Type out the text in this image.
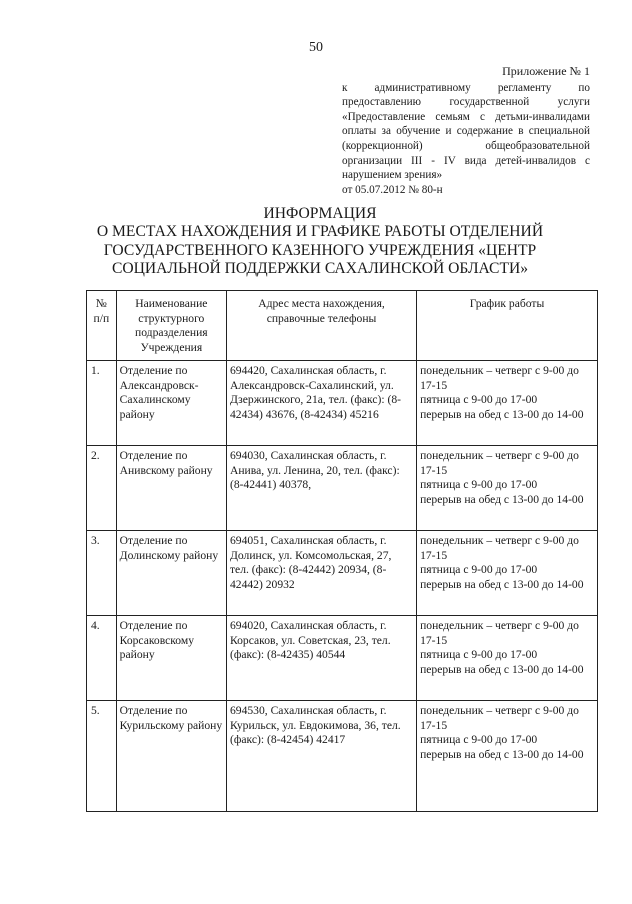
50
Приложение № 1
к административному регламенту по предоставлению государственной услуги «Предоставление семьям с детьми-инвалидами оплаты за обучение и содержание в специальной (коррекционной) общеобразовательной организации III - IV вида детей-инвалидов с нарушением зрения»
от 05.07.2012 № 80-н
ИНФОРМАЦИЯ
О МЕСТАХ НАХОЖДЕНИЯ И ГРАФИКЕ РАБОТЫ ОТДЕЛЕНИЙ
ГОСУДАРСТВЕННОГО КАЗЕННОГО УЧРЕЖДЕНИЯ «ЦЕНТР
СОЦИАЛЬНОЙ ПОДДЕРЖКИ САХАЛИНСКОЙ ОБЛАСТИ»
№ п/п	Наименование структурного подразделения Учреждения	Адрес места нахождения, справочные телефоны	График работы
1.	Отделение по Александровск-Сахалинскому району	694420, Сахалинская область, г. Александровск-Сахалинский, ул. Дзержинского, 21а, тел. (факс): (8-42434) 43676, (8-42434) 45216	понедельник – четверг с 9-00 до 17-15
пятница с 9-00 до 17-00
перерыв на обед с 13-00 до 14-00

2.	Отделение по Анивскому району	694030, Сахалинская область, г. Анива, ул. Ленина, 20, тел. (факс): (8-42441) 40378,	понедельник – четверг с 9-00 до 17-15
пятница с 9-00 до 17-00
перерыв на обед с 13-00 до 14-00

3.	Отделение по Долинскому району	694051, Сахалинская область, г. Долинск, ул. Комсомольская, 27, тел. (факс): (8-42442) 20934, (8-42442) 20932	понедельник – четверг с 9-00 до 17-15
пятница с 9-00 до 17-00
перерыв на обед с 13-00 до 14-00

4.	Отделение по Корсаковскому району	694020, Сахалинская область, г. Корсаков, ул. Советская, 23, тел. (факс): (8-42435) 40544	понедельник – четверг с 9-00 до 17-15
пятница с 9-00 до 17-00
перерыв на обед с 13-00 до 14-00

5.	Отделение по Курильскому району	694530, Сахалинская область, г. Курильск, ул. Евдокимова, 36, тел. (факс): (8-42454) 42417	понедельник – четверг с 9-00 до 17-15
пятница с 9-00 до 17-00
перерыв на обед с 13-00 до 14-00
